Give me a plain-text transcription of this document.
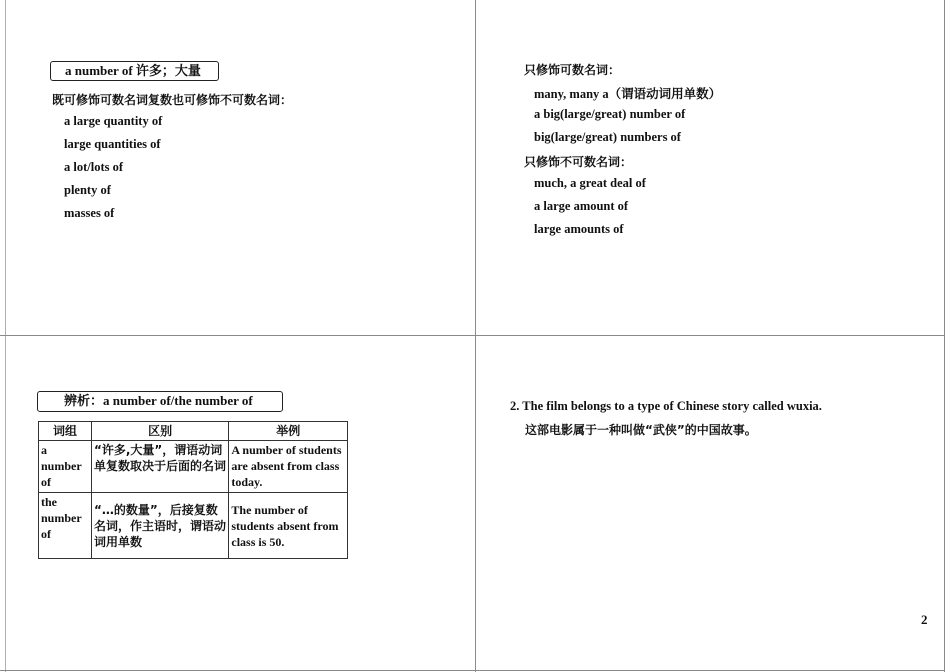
a number of 许多；大量
既可修饰可数名词复数也可修饰不可数名词：
a large quantity of
large quantities of
a lot/lots of
plenty of
masses of
只修饰可数名词：
many, many a（谓语动词用单数）
a big(large/great) number of
big(large/great) numbers of
只修饰不可数名词：
much, a great deal of
a large amount of
large amounts of
辨析：a number of/the number of
词组	区别	举例
a number of	“许多,大量”，谓语动词单复数取决于后面的名词	A number of students are absent from class today.
the number of	“…的数量”，后接复数名词，作主语时，谓语动词用单数	The number of students absent from class is 50.
2. The film belongs to a type of Chinese story called wuxia.
这部电影属于一种叫做“武侠”的中国故事。
2
